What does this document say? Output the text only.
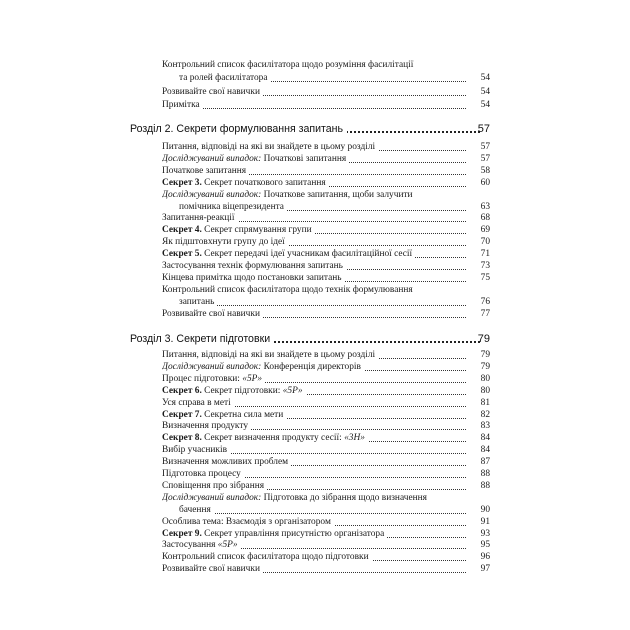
Контрольний список фасилітатора щодо розуміння фасилітації
та ролей фасилітатора	54
Розвивайте свої навички	54
Примітка	54
Розділ 2. Секрети формулювання запитань	57
Питання, відповіді на які ви знайдете в цьому розділі	57
Досліджуваний випадок: Початкові запитання	57
Початкове запитання	58
Секрет 3. Секрет початкового запитання	60
Досліджуваний випадок: Початкове запитання, щоби залучити
помічника віцепрезидента	63
Запитання-реакції	68
Секрет 4. Секрет спрямування групи	69
Як підштовхнути групу до ідеї	70
Секрет 5. Секрет передачі ідеї учасникам фасилітаційної сесії	71
Застосування технік формулювання запитань	73
Кінцева примітка щодо постановки запитань	75
Контрольний список фасилітатора щодо технік формулювання
запитань	76
Розвивайте свої навички	77
Розділ 3. Секрети підготовки	79
Питання, відповіді на які ви знайдете в цьому розділі	79
Досліджуваний випадок: Конференція директорів	79
Процес підготовки: «5P»	80
Секрет 6. Секрет підготовки: «5P»	80
Уся справа в меті	81
Секрет 7. Секретна сила мети	82
Визначення продукту	83
Секрет 8. Секрет визначення продукту сесії: «3Н»	84
Вибір учасників	84
Визначення можливих проблем	87
Підготовка процесу	88
Сповіщення про зібрання	88
Досліджуваний випадок: Підготовка до зібрання щодо визначення
бачення	90
Особлива тема: Взаємодія з організатором	91
Секрет 9. Секрет управління присутністю організатора	93
Застосування «5P»	95
Контрольний список фасилітатора щодо підготовки	96
Розвивайте свої навички	97
